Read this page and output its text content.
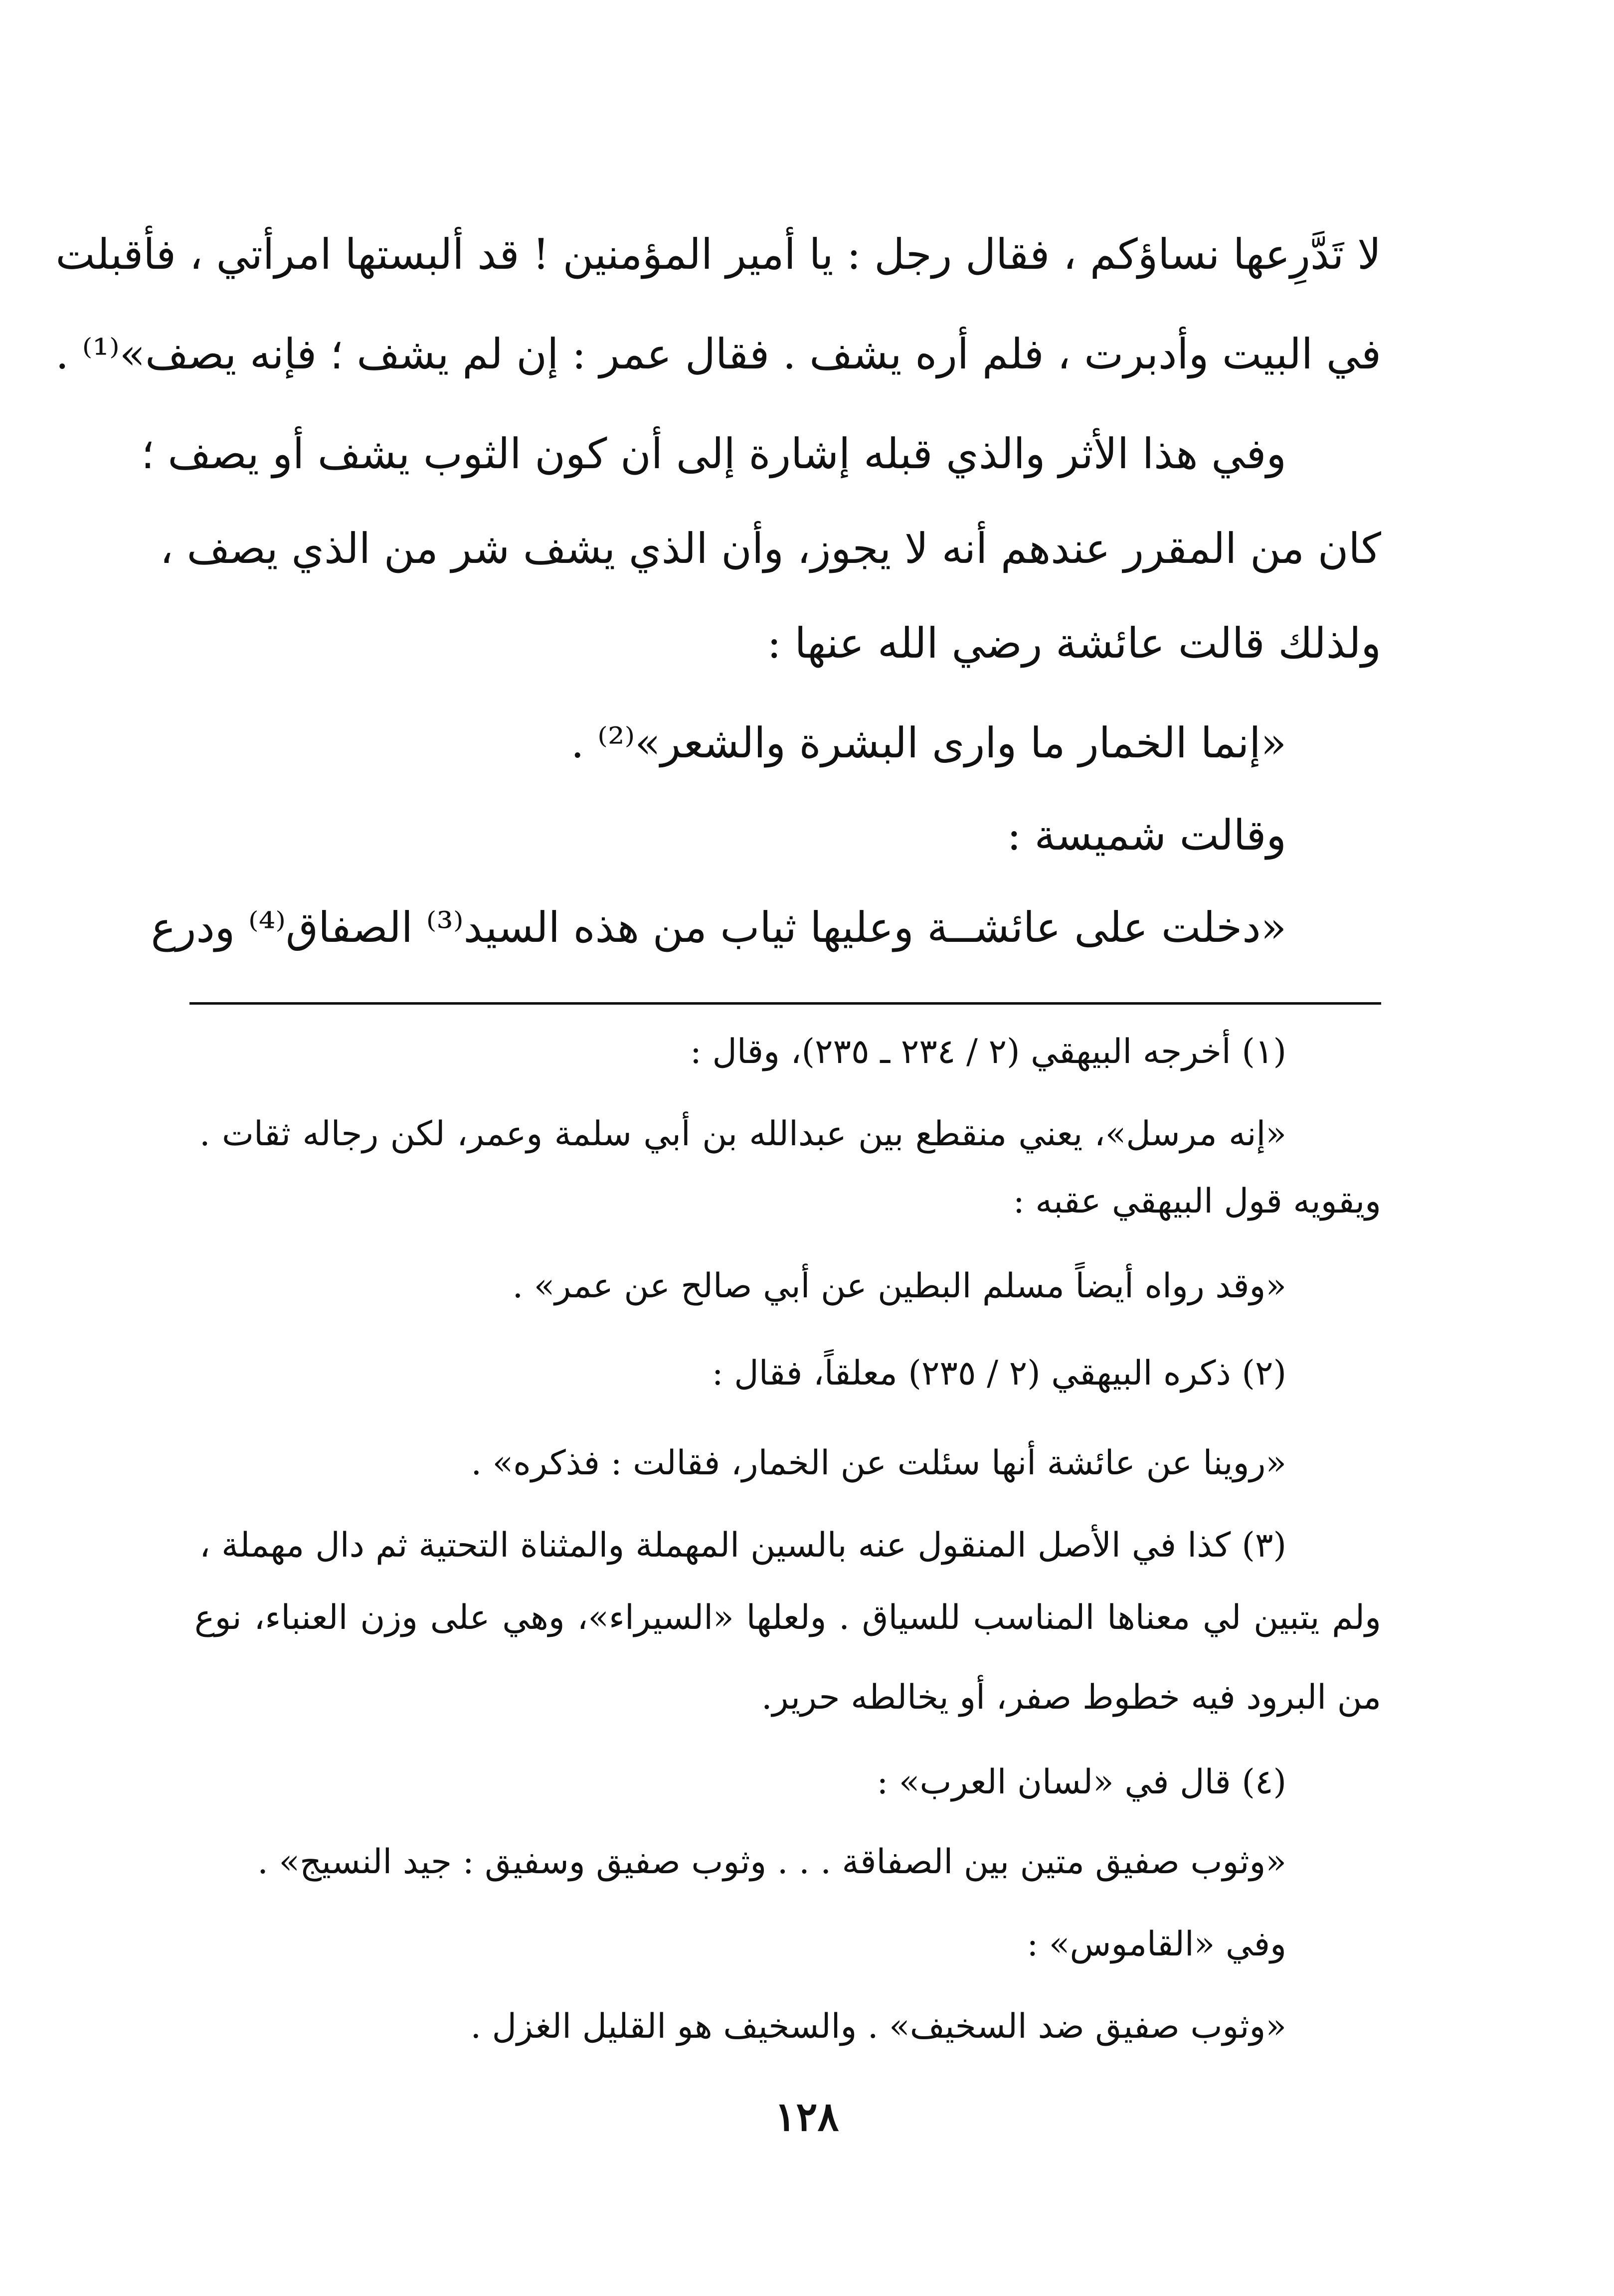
لا تَدَّرِعها نساؤكم ، فقال رجل : يا أمير المؤمنين ! قد ألبستها امرأتي ، فأقبلت
في البيت وأدبرت ، فلم أره يشف . فقال عمر : إن لم يشف ؛ فإنه يصف»⁽¹⁾ .
وفي هذا الأثر والذي قبله إشارة إلى أن كون الثوب يشف أو يصف ؛
كان من المقرر عندهم أنه لا يجوز، وأن الذي يشف شر من الذي يصف ،
ولذلك قالت عائشة رضي الله عنها :
«إنما الخمار ما وارى البشرة والشعر»⁽²⁾ .
وقالت شميسة :
«دخلت على عائشــة وعليها ثياب من هذه السيد⁽³⁾ الصفاق⁽⁴⁾ ودرع
(١) أخرجه البيهقي (٢ / ٢٣٤ ـ ٢٣٥)، وقال :
«إنه مرسل»، يعني منقطع بين عبدالله بن أبي سلمة وعمر، لكن رجاله ثقات .
ويقويه قول البيهقي عقبه :
«وقد رواه أيضاً مسلم البطين عن أبي صالح عن عمر» .
(٢) ذكره البيهقي (٢ / ٢٣٥) معلقاً، فقال :
«روينا عن عائشة أنها سئلت عن الخمار، فقالت : فذكره» .
(٣) كذا في الأصل المنقول عنه بالسين المهملة والمثناة التحتية ثم دال مهملة ،
ولم يتبين لي معناها المناسب للسياق . ولعلها «السيراء»، وهي على وزن العنباء، نوع
من البرود فيه خطوط صفر، أو يخالطه حرير.
(٤) قال في «لسان العرب» :
«وثوب صفيق متين بين الصفاقة . . . وثوب صفيق وسفيق : جيد النسيج» .
وفي «القاموس» :
«وثوب صفيق ضد السخيف» . والسخيف هو القليل الغزل .
١٢٨
